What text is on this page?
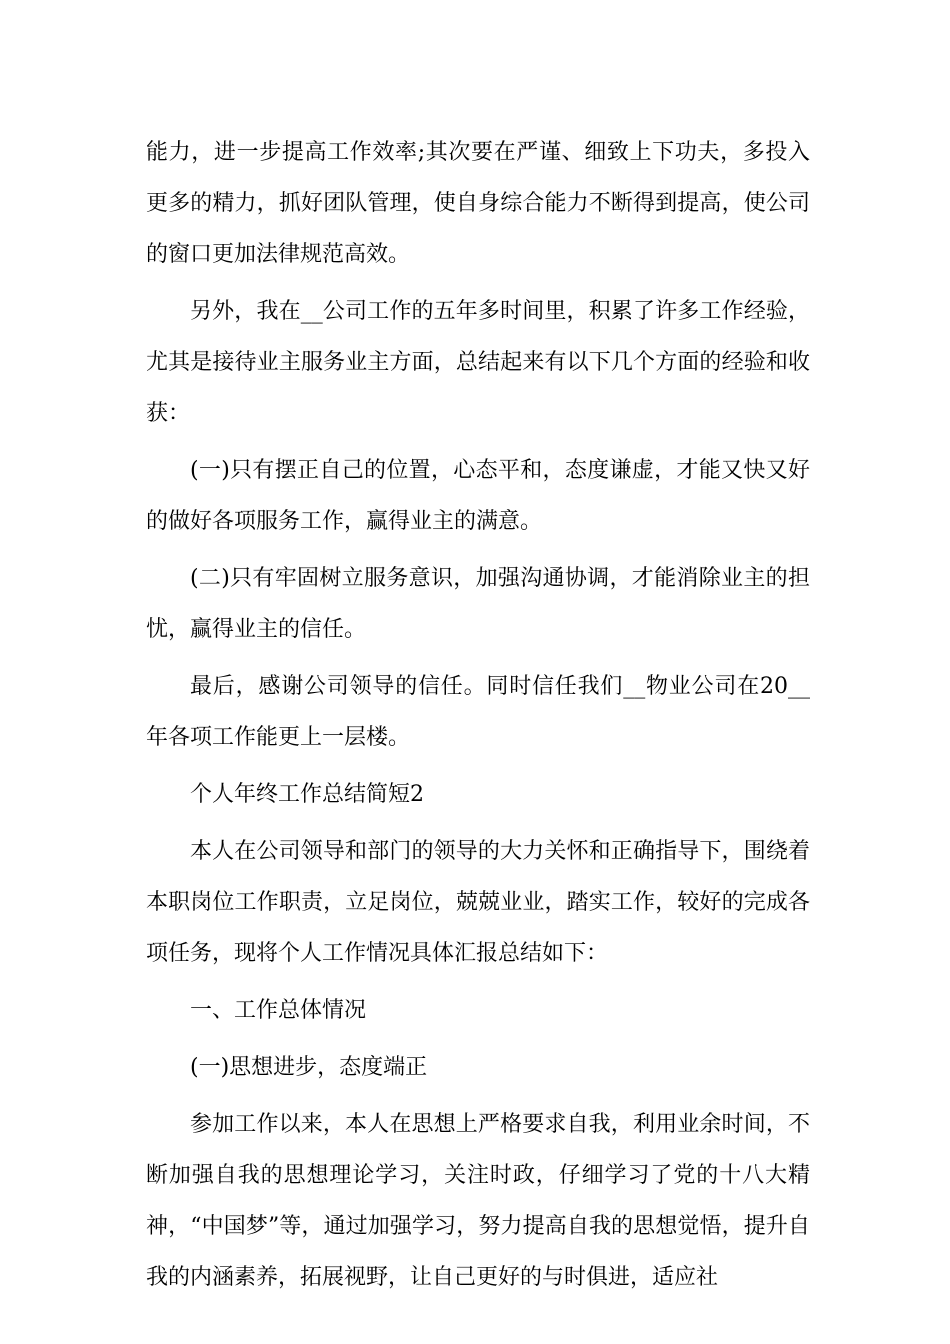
能力，进一步提高工作效率;其次要在严谨、细致上下功夫，多投入更多的精力，抓好团队管理，使自身综合能力不断得到提高，使公司的窗口更加法律规范高效。

另外，我在__公司工作的五年多时间里，积累了许多工作经验，尤其是接待业主服务业主方面，总结起来有以下几个方面的经验和收获：

(一)只有摆正自己的位置，心态平和，态度谦虚，才能又快又好的做好各项服务工作，赢得业主的满意。

(二)只有牢固树立服务意识，加强沟通协调，才能消除业主的担忧，赢得业主的信任。

最后，感谢公司领导的信任。同时信任我们__物业公司在20__年各项工作能更上一层楼。

个人年终工作总结简短2

本人在公司领导和部门的领导的大力关怀和正确指导下，围绕着本职岗位工作职责，立足岗位，兢兢业业，踏实工作，较好的完成各项任务，现将个人工作情况具体汇报总结如下：

一、工作总体情况

(一)思想进步，态度端正

参加工作以来，本人在思想上严格要求自我，利用业余时间，不断加强自我的思想理论学习，关注时政，仔细学习了党的十八大精神，“中国梦”等，通过加强学习，努力提高自我的思想觉悟，提升自我的内涵素养，拓展视野，让自己更好的与时俱进，适应社
